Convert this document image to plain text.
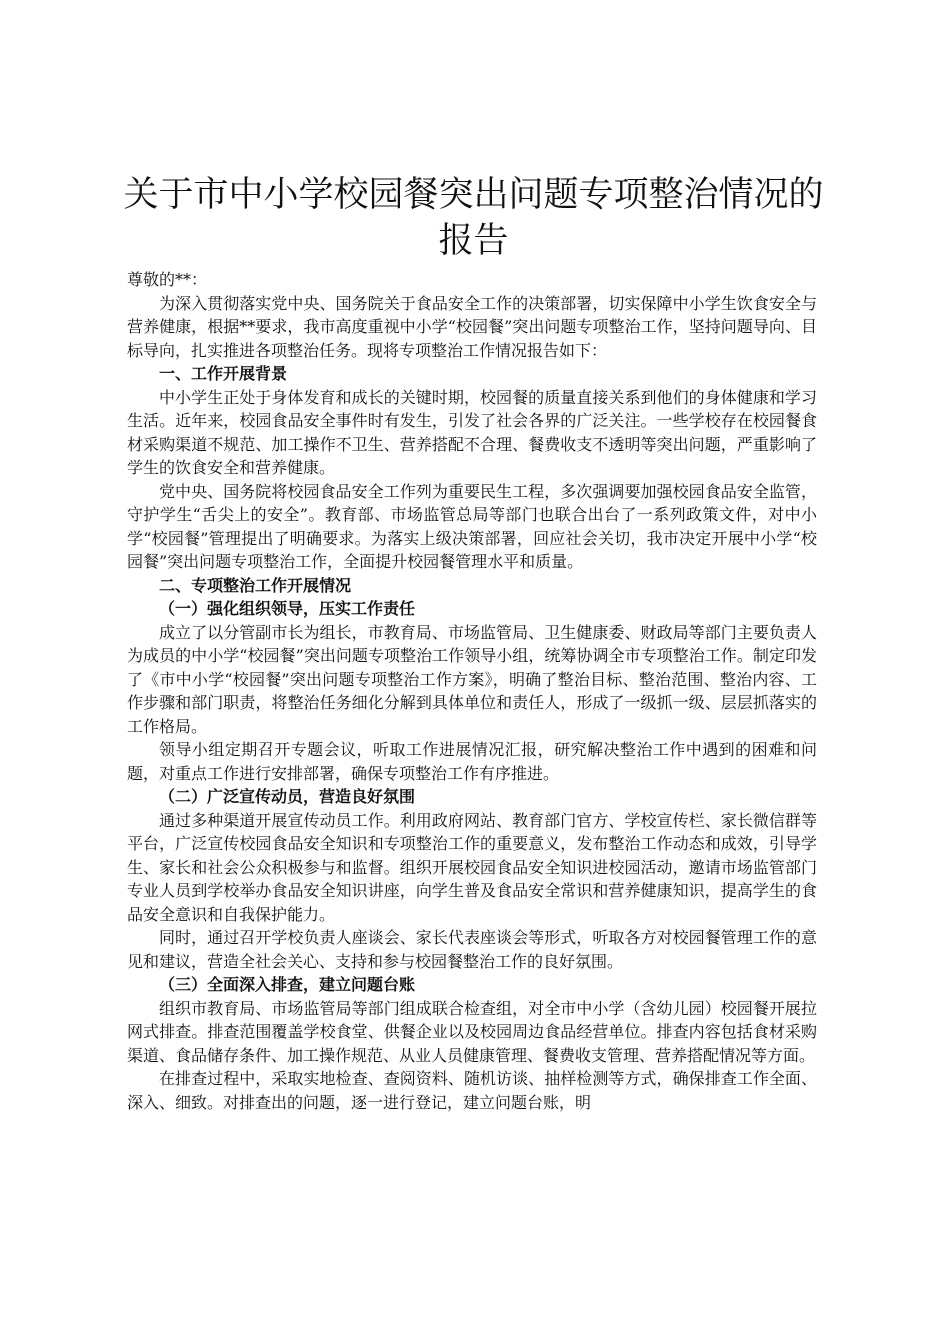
关于市中小学校园餐突出问题专项整治情况的报告

尊敬的**：

为深入贯彻落实党中央、国务院关于食品安全工作的决策部署，切实保障中小学生饮食安全与营养健康，根据**要求，我市高度重视中小学“校园餐”突出问题专项整治工作，坚持问题导向、目标导向，扎实推进各项整治任务。现将专项整治工作情况报告如下：

一、工作开展背景

中小学生正处于身体发育和成长的关键时期，校园餐的质量直接关系到他们的身体健康和学习生活。近年来，校园食品安全事件时有发生，引发了社会各界的广泛关注。一些学校存在校园餐食材采购渠道不规范、加工操作不卫生、营养搭配不合理、餐费收支不透明等突出问题，严重影响了学生的饮食安全和营养健康。

党中央、国务院将校园食品安全工作列为重要民生工程，多次强调要加强校园食品安全监管，守护学生“舌尖上的安全”。教育部、市场监管总局等部门也联合出台了一系列政策文件，对中小学“校园餐”管理提出了明确要求。为落实上级决策部署，回应社会关切，我市决定开展中小学“校园餐”突出问题专项整治工作，全面提升校园餐管理水平和质量。

二、专项整治工作开展情况

（一）强化组织领导，压实工作责任

成立了以分管副市长为组长，市教育局、市场监管局、卫生健康委、财政局等部门主要负责人为成员的中小学“校园餐”突出问题专项整治工作领导小组，统筹协调全市专项整治工作。制定印发了《市中小学“校园餐”突出问题专项整治工作方案》，明确了整治目标、整治范围、整治内容、工作步骤和部门职责，将整治任务细化分解到具体单位和责任人，形成了一级抓一级、层层抓落实的工作格局。

领导小组定期召开专题会议，听取工作进展情况汇报，研究解决整治工作中遇到的困难和问题，对重点工作进行安排部署，确保专项整治工作有序推进。

（二）广泛宣传动员，营造良好氛围

通过多种渠道开展宣传动员工作。利用政府网站、教育部门官方、学校宣传栏、家长微信群等平台，广泛宣传校园食品安全知识和专项整治工作的重要意义，发布整治工作动态和成效，引导学生、家长和社会公众积极参与和监督。组织开展校园食品安全知识进校园活动，邀请市场监管部门专业人员到学校举办食品安全知识讲座，向学生普及食品安全常识和营养健康知识，提高学生的食品安全意识和自我保护能力。

同时，通过召开学校负责人座谈会、家长代表座谈会等形式，听取各方对校园餐管理工作的意见和建议，营造全社会关心、支持和参与校园餐整治工作的良好氛围。

（三）全面深入排查，建立问题台账

组织市教育局、市场监管局等部门组成联合检查组，对全市中小学（含幼儿园）校园餐开展拉网式排查。排查范围覆盖学校食堂、供餐企业以及校园周边食品经营单位。排查内容包括食材采购渠道、食品储存条件、加工操作规范、从业人员健康管理、餐费收支管理、营养搭配情况等方面。

在排查过程中，采取实地检查、查阅资料、随机访谈、抽样检测等方式，确保排查工作全面、深入、细致。对排查出的问题，逐一进行登记，建立问题台账，明
